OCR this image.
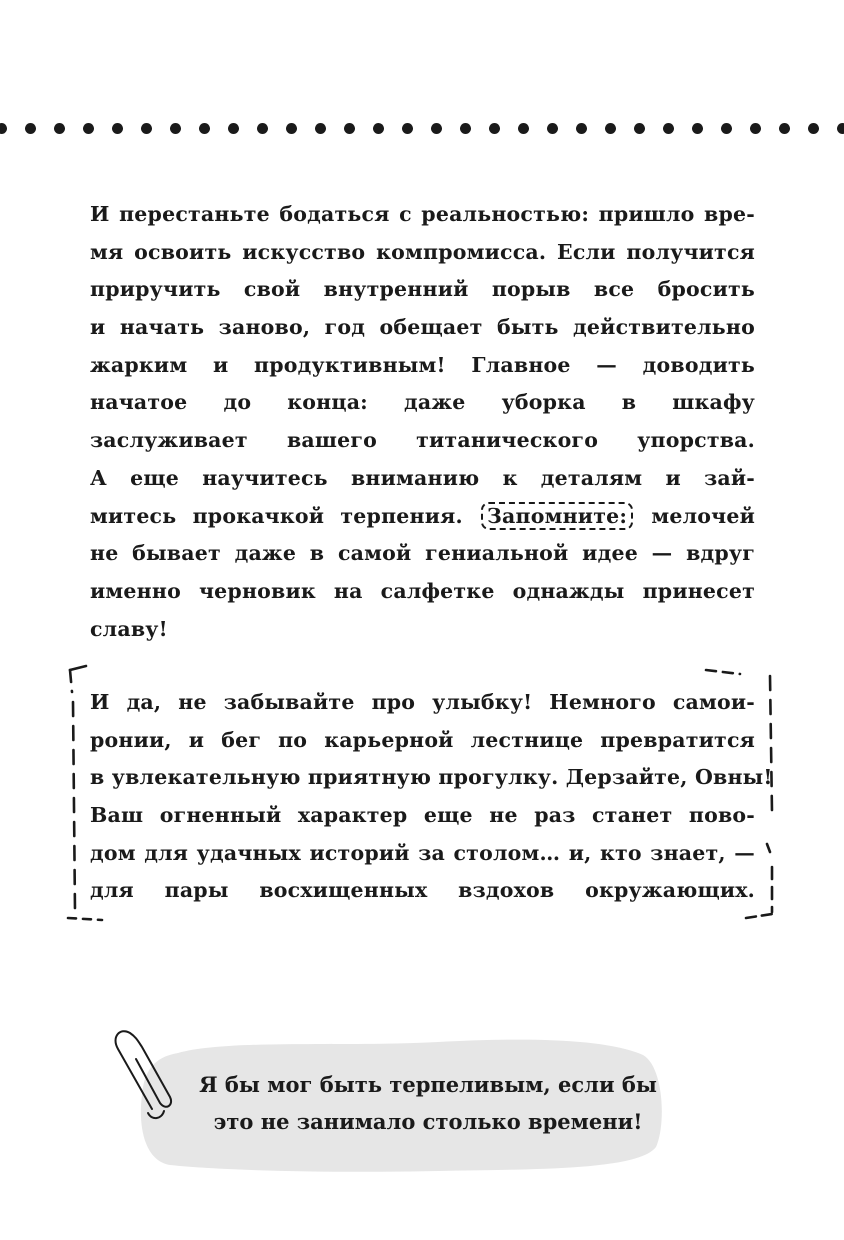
И перестаньте бодаться с реальностью: пришло вре-
мя освоить искусство компромисса. Если получится
приручить свой внутренний порыв все бросить
и начать заново, год обещает быть действительно
жарким и продуктивным! Главное — доводить
начатое до конца: даже уборка в шкафу
заслуживает вашего титанического упорства.
А еще научитесь вниманию к деталям и зай-
митесь прокачкой терпения. Запомните: мелочей
не бывает даже в самой гениальной идее — вдруг
именно черновик на салфетке однажды принесет
славу!
И да, не забывайте про улыбку! Немного самои-
ронии, и бег по карьерной лестнице превратится
в увлекательную приятную прогулку. Дерзайте, Овны!
Ваш огненный характер еще не раз станет пово-
дом для удачных историй за столом… и, кто знает, —
для пары восхищенных вздохов окружающих.
Я бы мог быть терпеливым, если бы
это не занимало столько времени!
